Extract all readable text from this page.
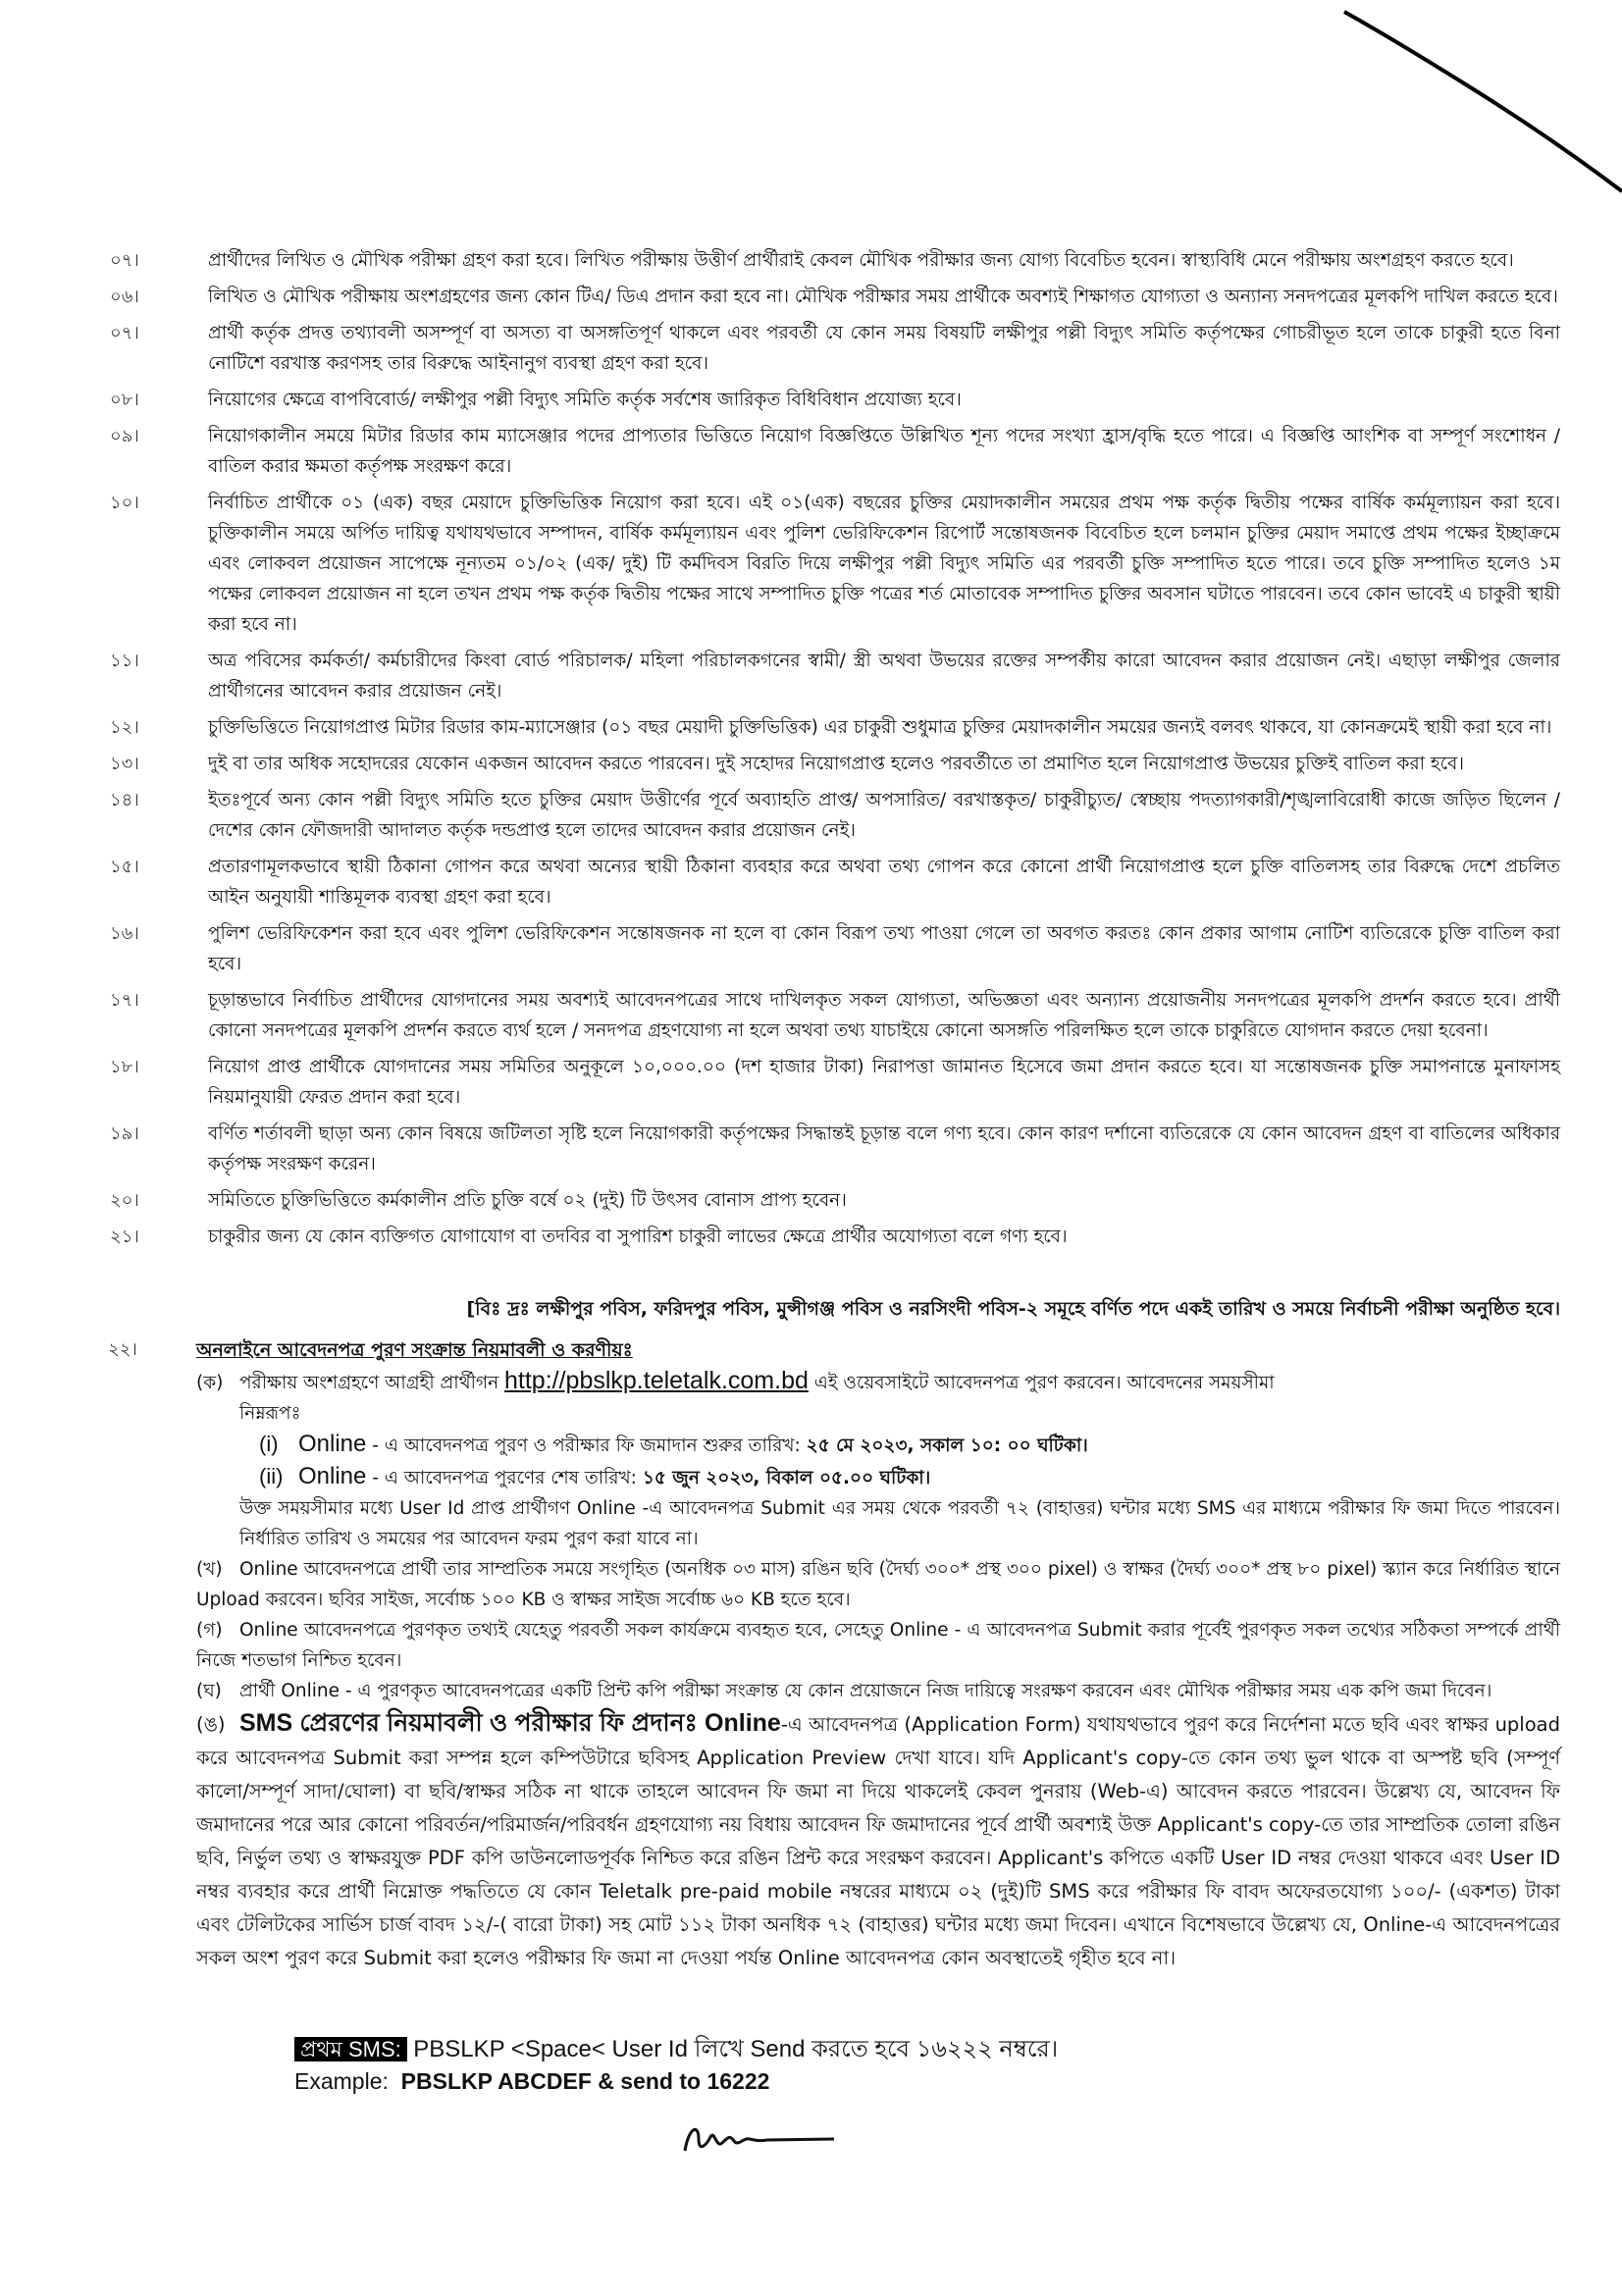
০৭।	প্রার্থীদের লিখিত ও মৌখিক পরীক্ষা গ্রহণ করা হবে। লিখিত পরীক্ষায় উত্তীর্ণ প্রার্থীরাই কেবল মৌখিক পরীক্ষার জন্য যোগ্য বিবেচিত হবেন। স্বাস্থ্যবিধি মেনে পরীক্ষায় অংশগ্রহণ করতে হবে।
০৬।	লিখিত ও মৌখিক পরীক্ষায় অংশগ্রহণের জন্য কোন টিএ/ ডিএ প্রদান করা হবে না। মৌখিক পরীক্ষার সময় প্রার্থীকে অবশ্যই শিক্ষাগত যোগ্যতা ও অন্যান্য সনদপত্রের মূলকপি দাখিল করতে হবে।
০৭।	প্রার্থী কর্তৃক প্রদত্ত তথ্যাবলী অসম্পূর্ণ বা অসত্য বা অসঙ্গতিপূর্ণ থাকলে এবং পরবর্তী যে কোন সময় বিষয়টি লক্ষীপুর পল্লী বিদ্যুৎ সমিতি কর্তৃপক্ষের গোচরীভূত হলে তাকে চাকুরী হতে বিনা নোটিশে বরখাস্ত করণসহ তার বিরুদ্ধে আইনানুগ ব্যবস্থা গ্রহণ করা হবে।
০৮।	নিয়োগের ক্ষেত্রে বাপবিবোর্ড/ লক্ষীপুর পল্লী বিদ্যুৎ সমিতি কর্তৃক সর্বশেষ জারিকৃত বিধিবিধান প্রযোজ্য হবে।
০৯।	নিয়োগকালীন সময়ে মিটার রিডার কাম ম্যাসেঞ্জার পদের প্রাপ্যতার ভিত্তিতে নিয়োগ বিজ্ঞপ্তিতে উল্লিখিত শূন্য পদের সংখ্যা হ্রাস/বৃদ্ধি হতে পারে। এ বিজ্ঞপ্তি আংশিক বা সম্পূর্ণ সংশোধন / বাতিল করার ক্ষমতা কর্তৃপক্ষ সংরক্ষণ করে।
১০।	নির্বাচিত প্রার্থীকে ০১ (এক) বছর মেয়াদে চুক্তিভিত্তিক নিয়োগ করা হবে। এই ০১(এক) বছরের চুক্তির মেয়াদকালীন সময়ের প্রথম পক্ষ কর্তৃক দ্বিতীয় পক্ষের বার্ষিক কর্মমূল্যায়ন করা হবে। চুক্তিকালীন সময়ে অর্পিত দায়িত্ব যথাযথভাবে সম্পাদন, বার্ষিক কর্মমূল্যায়ন এবং পুলিশ ভেরিফিকেশন রিপোর্ট সন্তোষজনক বিবেচিত হলে চলমান চুক্তির মেয়াদ সমাপ্তে প্রথম পক্ষের ইচ্ছাক্রমে এবং লোকবল প্রয়োজন সাপেক্ষে নূন্যতম ০১/০২ (এক/ দুই) টি কর্মদিবস বিরতি দিয়ে লক্ষীপুর পল্লী বিদ্যুৎ সমিতি এর পরবর্তী চুক্তি সম্পাদিত হতে পারে। তবে চুক্তি সম্পাদিত হলেও ১ম পক্ষের লোকবল প্রয়োজন না হলে তখন প্রথম পক্ষ কর্তৃক দ্বিতীয় পক্ষের সাথে সম্পাদিত চুক্তি পত্রের শর্ত মোতাবেক সম্পাদিত চুক্তির অবসান ঘটাতে পারবেন। তবে কোন ভাবেই এ চাকুরী স্থায়ী করা হবে না।
১১।	অত্র পবিসের কর্মকর্তা/ কর্মচারীদের কিংবা বোর্ড পরিচালক/ মহিলা পরিচালকগনের স্বামী/ স্ত্রী অথবা উভয়ের রক্তের সম্পর্কীয় কারো আবেদন করার প্রয়োজন নেই। এছাড়া লক্ষীপুর জেলার প্রার্থীগনের আবেদন করার প্রয়োজন নেই।
১২।	চুক্তিভিত্তিতে নিয়োগপ্রাপ্ত মিটার রিডার কাম-ম্যাসেঞ্জার (০১ বছর মেয়াদী চুক্তিভিত্তিক) এর চাকুরী শুধুমাত্র চুক্তির মেয়াদকালীন সময়ের জন্যই বলবৎ থাকবে, যা কোনক্রমেই স্থায়ী করা হবে না।
১৩।	দুই বা তার অধিক সহোদরের যেকোন একজন আবেদন করতে পারবেন। দুই সহোদর নিয়োগপ্রাপ্ত হলেও পরবর্তীতে তা প্রমাণিত হলে নিয়োগপ্রাপ্ত উভয়ের চুক্তিই বাতিল করা হবে।
১৪।	ইতঃপূর্বে অন্য কোন পল্লী বিদ্যুৎ সমিতি হতে চুক্তির মেয়াদ উত্তীর্ণের পূর্বে অব্যাহতি প্রাপ্ত/ অপসারিত/ বরখাস্তকৃত/ চাকুরীচ্যুত/ স্বেচ্ছায় পদত্যাগকারী/শৃঙ্খলাবিরোধী কাজে জড়িত ছিলেন / দেশের কোন ফৌজদারী আদালত কর্তৃক দন্ডপ্রাপ্ত হলে তাদের আবেদন করার প্রয়োজন নেই।
১৫।	প্রতারণামূলকভাবে স্থায়ী ঠিকানা গোপন করে অথবা অন্যের স্থায়ী ঠিকানা ব্যবহার করে অথবা তথ্য গোপন করে কোনো প্রার্থী নিয়োগপ্রাপ্ত হলে চুক্তি বাতিলসহ তার বিরুদ্ধে দেশে প্রচলিত আইন অনুযায়ী শাস্তিমূলক ব্যবস্থা গ্রহণ করা হবে।
১৬।	পুলিশ ভেরিফিকেশন করা হবে এবং পুলিশ ভেরিফিকেশন সন্তোষজনক না হলে বা কোন বিরূপ তথ্য পাওয়া গেলে তা অবগত করতঃ কোন প্রকার আগাম নোটিশ ব্যতিরেকে চুক্তি বাতিল করা হবে।
১৭।	চূড়ান্তভাবে নির্বাচিত প্রার্থীদের যোগদানের সময় অবশ্যই আবেদনপত্রের সাথে দাখিলকৃত সকল যোগ্যতা, অভিজ্ঞতা এবং অন্যান্য প্রয়োজনীয় সনদপত্রের মূলকপি প্রদর্শন করতে হবে। প্রার্থী কোনো সনদপত্রের মূলকপি প্রদর্শন করতে ব্যর্থ হলে / সনদপত্র গ্রহণযোগ্য না হলে অথবা তথ্য যাচাইয়ে কোনো অসঙ্গতি পরিলক্ষিত হলে তাকে চাকুরিতে যোগদান করতে দেয়া হবেনা।
১৮।	নিয়োগ প্রাপ্ত প্রার্থীকে যোগদানের সময় সমিতির অনুকূলে ১০,০০০.০০ (দশ হাজার টাকা) নিরাপত্তা জামানত হিসেবে জমা প্রদান করতে হবে। যা সন্তোষজনক চুক্তি সমাপনান্তে মুনাফাসহ নিয়মানুযায়ী ফেরত প্রদান করা হবে।
১৯।	বর্ণিত শর্তাবলী ছাড়া অন্য কোন বিষয়ে জটিলতা সৃষ্টি হলে নিয়োগকারী কর্তৃপক্ষের সিদ্ধান্তই চূড়ান্ত বলে গণ্য হবে। কোন কারণ দর্শানো ব্যতিরেকে যে কোন আবেদন গ্রহণ বা বাতিলের অধিকার কর্তৃপক্ষ সংরক্ষণ করেন।
২০।	সমিতিতে চুক্তিভিত্তিতে কর্মকালীন প্রতি চুক্তি বর্ষে ০২ (দুই) টি উৎসব বোনাস প্রাপ্য হবেন।
২১।	চাকুরীর জন্য যে কোন ব্যক্তিগত যোগাযোগ বা তদবির বা সুপারিশ চাকুরী লাভের ক্ষেত্রে প্রার্থীর অযোগ্যতা বলে গণ্য হবে।
[বিঃ দ্রঃ লক্ষীপুর পবিস, ফরিদপুর পবিস, মুন্সীগঞ্জ পবিস ও নরসিংদী পবিস-২ সমূহে বর্ণিত পদে একই তারিখ ও সময়ে নির্বাচনী পরীক্ষা অনুষ্ঠিত হবে।
২২।	অনলাইনে আবেদনপত্র পুরণ সংক্রান্ত নিয়মাবলী ও করণীয়ঃ
(ক) পরীক্ষায় অংশগ্রহণে আগ্রহী প্রার্থীগন http://pbslkp.teletalk.com.bd এই ওয়েবসাইটে আবেদনপত্র পুরণ করবেন। আবেদনের সময়সীমা
নিম্নরূপঃ
(i) Online - এ আবেদনপত্র পুরণ ও পরীক্ষার ফি জমাদান শুরুর তারিখ: ২৫ মে ২০২৩, সকাল ১০: ০০ ঘটিকা।
(ii) Online - এ আবেদনপত্র পুরণের শেষ তারিখ: ১৫ জুন ২০২৩, বিকাল ০৫.০০ ঘটিকা।
উক্ত সময়সীমার মধ্যে User Id প্রাপ্ত প্রার্থীগণ Online -এ আবেদনপত্র Submit এর সময় থেকে পরবর্তী ৭২ (বাহাত্তর) ঘন্টার মধ্যে SMS এর মাধ্যমে পরীক্ষার ফি জমা দিতে পারবেন। নির্ধারিত তারিখ ও সময়ের পর আবেদন ফরম পুরণ করা যাবে না।
(খ) Online আবেদনপত্রে প্রার্থী তার সাম্প্রতিক সময়ে সংগৃহিত (অনধিক ০৩ মাস) রঙিন ছবি (দৈর্ঘ্য ৩০০* প্রস্থ ৩০০ pixel) ও স্বাক্ষর (দৈর্ঘ্য ৩০০* প্রস্থ ৮০ pixel) স্ক্যান করে নির্ধারিত স্থানে Upload করবেন। ছবির সাইজ, সর্বোচ্চ ১০০ KB ও স্বাক্ষর সাইজ সর্বোচ্চ ৬০ KB হতে হবে।
(গ) Online আবেদনপত্রে পুরণকৃত তথ্যই যেহেতু পরবর্তী সকল কার্যক্রমে ব্যবহৃত হবে, সেহেতু Online - এ আবেদনপত্র Submit করার পূর্বেই পুরণকৃত সকল তথ্যের সঠিকতা সম্পর্কে প্রার্থী নিজে শতভাগ নিশ্চিত হবেন।
(ঘ) প্রার্থী Online - এ পুরণকৃত আবেদনপত্রের একটি প্রিন্ট কপি পরীক্ষা সংক্রান্ত যে কোন প্রয়োজনে নিজ দায়িত্বে সংরক্ষণ করবেন এবং মৌখিক পরীক্ষার সময় এক কপি জমা দিবেন।
(ঙ) SMS প্রেরণের নিয়মাবলী ও পরীক্ষার ফি প্রদানঃ Online-এ আবেদনপত্র (Application Form) যথাযথভাবে পুরণ করে নির্দেশনা মতে ছবি এবং স্বাক্ষর upload করে আবেদনপত্র Submit করা সম্পন্ন হলে কম্পিউটারে ছবিসহ Application Preview দেখা যাবে। যদি Applicant's copy-তে কোন তথ্য ভুল থাকে বা অস্পষ্ট ছবি (সম্পূর্ণ কালো/সম্পূর্ণ সাদা/ঘোলা) বা ছবি/স্বাক্ষর সঠিক না থাকে তাহলে আবেদন ফি জমা না দিয়ে থাকলেই কেবল পুনরায় (Web-এ) আবেদন করতে পারবেন। উল্লেখ্য যে, আবেদন ফি জমাদানের পরে আর কোনো পরিবর্তন/পরিমার্জন/পরিবর্ধন গ্রহণযোগ্য নয় বিধায় আবেদন ফি জমাদানের পূর্বে প্রার্থী অবশ্যই উক্ত Applicant's copy-তে তার সাম্প্রতিক তোলা রঙিন ছবি, নির্ভুল তথ্য ও স্বাক্ষরযুক্ত PDF কপি ডাউনলোডপূর্বক নিশ্চিত করে রঙিন প্রিন্ট করে সংরক্ষণ করবেন। Applicant's কপিতে একটি User ID নম্বর দেওয়া থাকবে এবং User ID নম্বর ব্যবহার করে প্রার্থী নিম্নোক্ত পদ্ধতিতে যে কোন Teletalk pre-paid mobile নম্বরের মাধ্যমে ০২ (দুই)টি SMS করে পরীক্ষার ফি বাবদ অফেরতযোগ্য ১০০/- (একশত) টাকা এবং টেলিটকের সার্ভিস চার্জ বাবদ ১২/-( বারো টাকা) সহ মোট ১১২ টাকা অনধিক ৭২ (বাহাত্তর) ঘন্টার মধ্যে জমা দিবেন। এখানে বিশেষভাবে উল্লেখ্য যে, Online-এ আবেদনপত্রের সকল অংশ পুরণ করে Submit করা হলেও পরীক্ষার ফি জমা না দেওয়া পর্যন্ত Online আবেদনপত্র কোন অবস্থাতেই গৃহীত হবে না।
প্রথম SMS: PBSLKP <Space< User Id লিখে Send করতে হবে ১৬২২২ নম্বরে।
Example: PBSLKP ABCDEF & send to 16222
